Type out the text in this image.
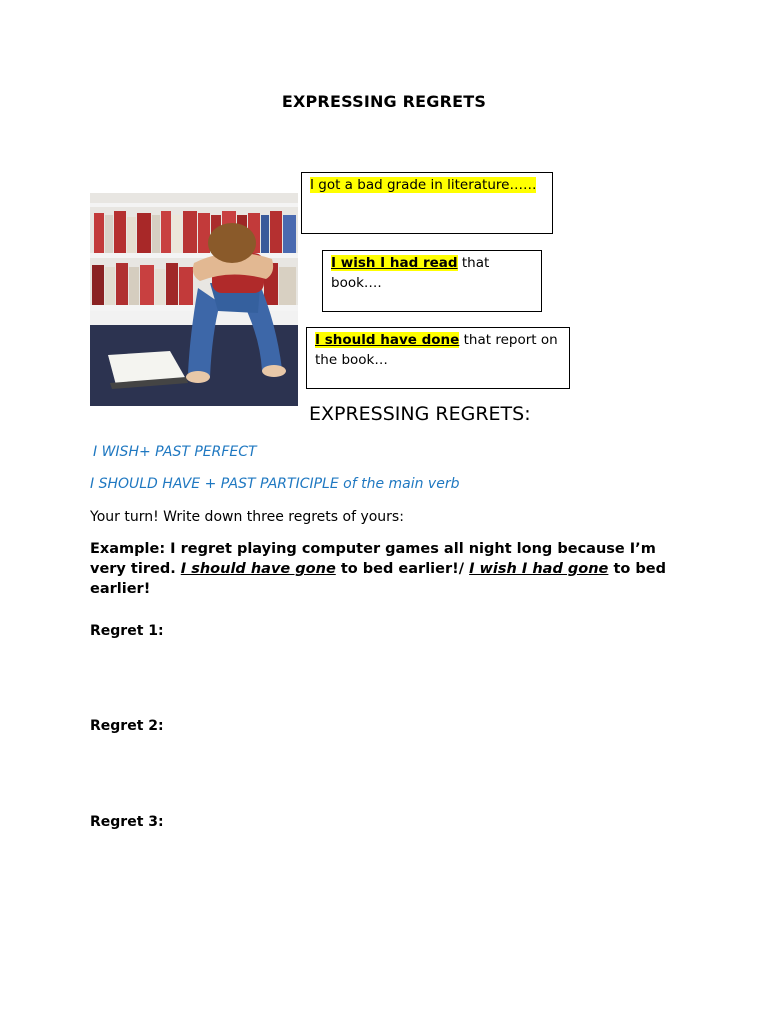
EXPRESSING REGRETS
I got a bad grade in literature……
I wish I had read that book….
I should have done that report on the book…
EXPRESSING REGRETS:
I WISH+ PAST PERFECT
I SHOULD HAVE + PAST PARTICIPLE of the main verb
Your turn! Write down three regrets of yours:
Example: I regret playing computer games all night long because I’m very tired. I should have gone to bed earlier!/ I wish I had gone to bed earlier!
Regret 1:
Regret 2:
Regret 3:
